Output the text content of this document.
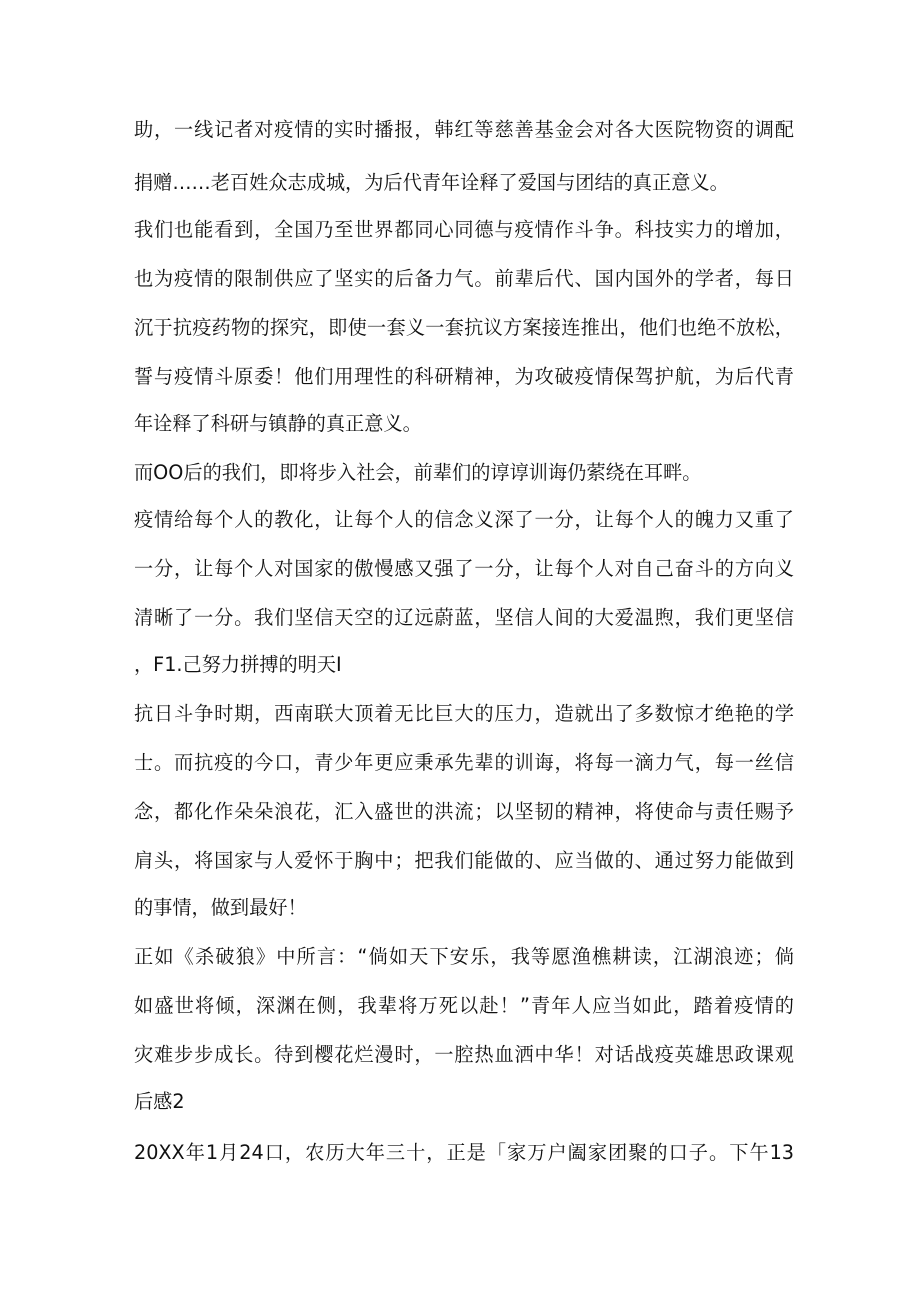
助，一线记者对疫情的实时播报，韩红等慈善基金会对各大医院物资的调配
捐赠……老百姓众志成城，为后代青年诠释了爱国与团结的真正意义。
我们也能看到，全国乃至世界都同心同德与疫情作斗争。科技实力的增加，
也为疫情的限制供应了坚实的后备力气。前辈后代、国内国外的学者，每日
沉于抗疫药物的探究，即使一套义一套抗议方案接连推出，他们也绝不放松，
誓与疫情斗原委！他们用理性的科研精神，为攻破疫情保驾护航，为后代青
年诠释了科研与镇静的真正意义。
而OO后的我们，即将步入社会，前辈们的谆谆训诲仍萦绕在耳畔。
疫情给每个人的教化，让每个人的信念义深了一分，让每个人的魄力又重了
一分，让每个人对国家的傲慢感又强了一分，让每个人对自己奋斗的方向义
清晰了一分。我们坚信天空的辽远蔚蓝，坚信人间的大爱温煦，我们更坚信
，F1.己努力拼搏的明天I
抗日斗争时期，西南联大顶着无比巨大的压力，造就出了多数惊才绝艳的学
士。而抗疫的今口，青少年更应秉承先辈的训诲，将每一滴力气，每一丝信
念，都化作朵朵浪花，汇入盛世的洪流；以坚韧的精神，将使命与责任赐予
肩头，将国家与人爱怀于胸中；把我们能做的、应当做的、通过努力能做到
的事情，做到最好！
正如《杀破狼》中所言：“倘如天下安乐，我等愿渔樵耕读，江湖浪迹；倘
如盛世将倾，深渊在侧，我辈将万死以赴！”青年人应当如此，踏着疫情的
灾难步步成长。待到樱花烂漫时，一腔热血洒中华！对话战疫英雄思政课观
后感2
20XX年1月24口，农历大年三十，正是「家万户阖家团聚的口子。下午13
